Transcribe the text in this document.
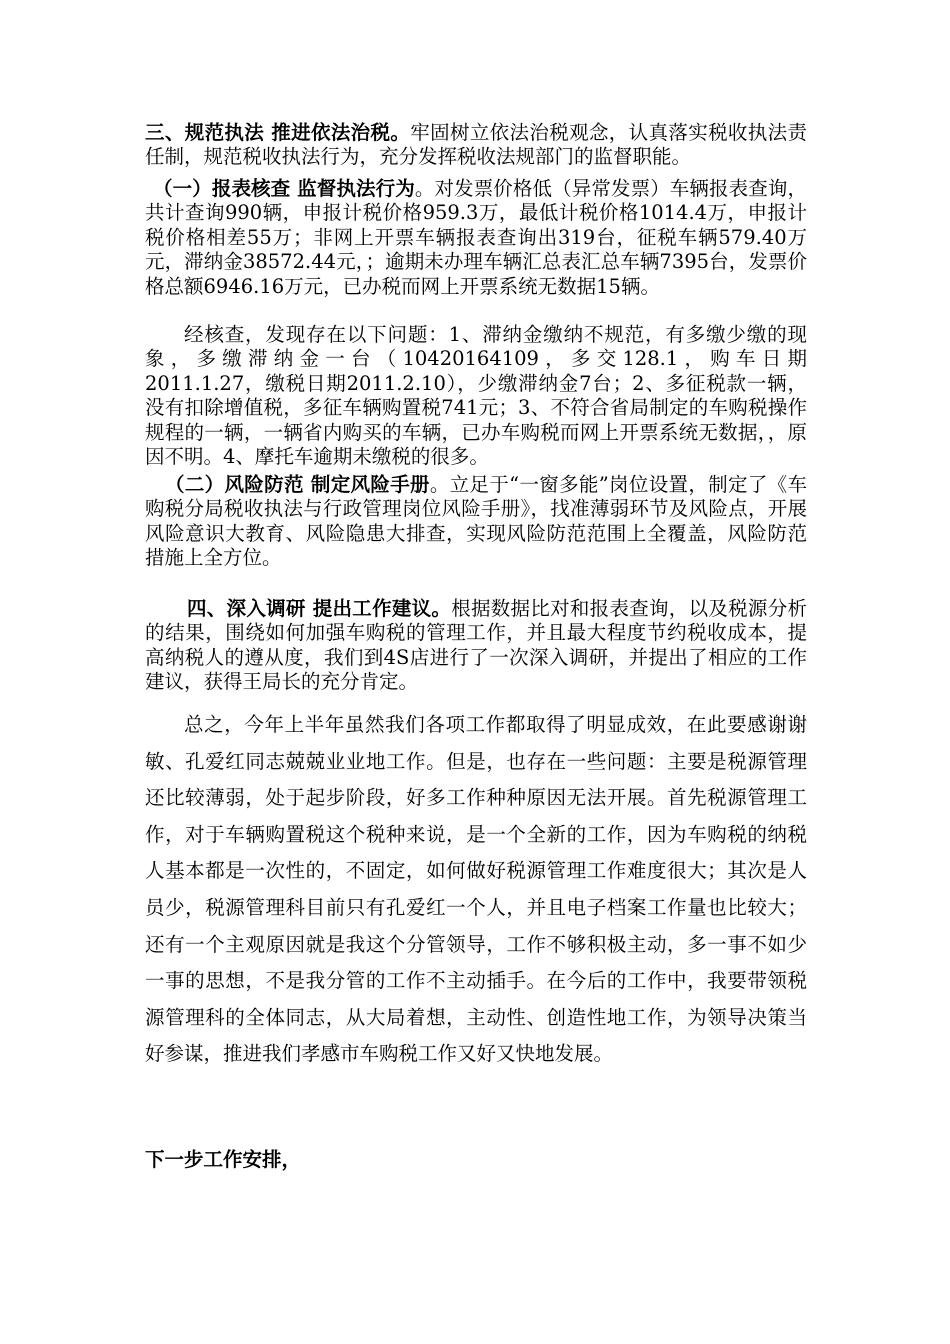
三、规范执法 推进依法治税。牢固树立依法治税观念，认真落实税收执法责任制，规范税收执法行为，充分发挥税收法规部门的监督职能。

（一）报表核查 监督执法行为。对发票价格低（异常发票）车辆报表查询，共计查询990辆，申报计税价格959.3万，最低计税价格1014.4万，申报计税价格相差55万；非网上开票车辆报表查询出319台，征税车辆579.40万元，滞纳金38572.44元，；逾期未办理车辆汇总表汇总车辆7395台，发票价格总额6946.16万元，已办税而网上开票系统无数据15辆。

经核查，发现存在以下问题：1、滞纳金缴纳不规范，有多缴少缴的现象，多缴滞纳金一台（10420164109，多交128.1，购车日期2011.1.27，缴税日期2011.2.10），少缴滞纳金7台；2、多征税款一辆，没有扣除增值税，多征车辆购置税741元；3、不符合省局制定的车购税操作规程的一辆，一辆省内购买的车辆，已办车购税而网上开票系统无数据，，原因不明。4、摩托车逾期未缴税的很多。

（二）风险防范 制定风险手册。立足于“一窗多能”岗位设置，制定了《车购税分局税收执法与行政管理岗位风险手册》，找准薄弱环节及风险点，开展风险意识大教育、风险隐患大排查，实现风险防范范围上全覆盖，风险防范措施上全方位。

四、深入调研 提出工作建议。根据数据比对和报表查询，以及税源分析的结果，围绕如何加强车购税的管理工作，并且最大程度节约税收成本，提高纳税人的遵从度，我们到4S店进行了一次深入调研，并提出了相应的工作建议，获得王局长的充分肯定。

总之，今年上半年虽然我们各项工作都取得了明显成效，在此要感谢谢敏、孔爱红同志兢兢业业地工作。但是，也存在一些问题：主要是税源管理还比较薄弱，处于起步阶段，好多工作种种原因无法开展。首先税源管理工作，对于车辆购置税这个税种来说，是一个全新的工作，因为车购税的纳税人基本都是一次性的，不固定，如何做好税源管理工作难度很大；其次是人员少，税源管理科目前只有孔爱红一个人，并且电子档案工作量也比较大；还有一个主观原因就是我这个分管领导，工作不够积极主动，多一事不如少一事的思想，不是我分管的工作不主动插手。在今后的工作中，我要带领税源管理科的全体同志，从大局着想，主动性、创造性地工作，为领导决策当好参谋，推进我们孝感市车购税工作又好又快地发展。

下一步工作安排，
